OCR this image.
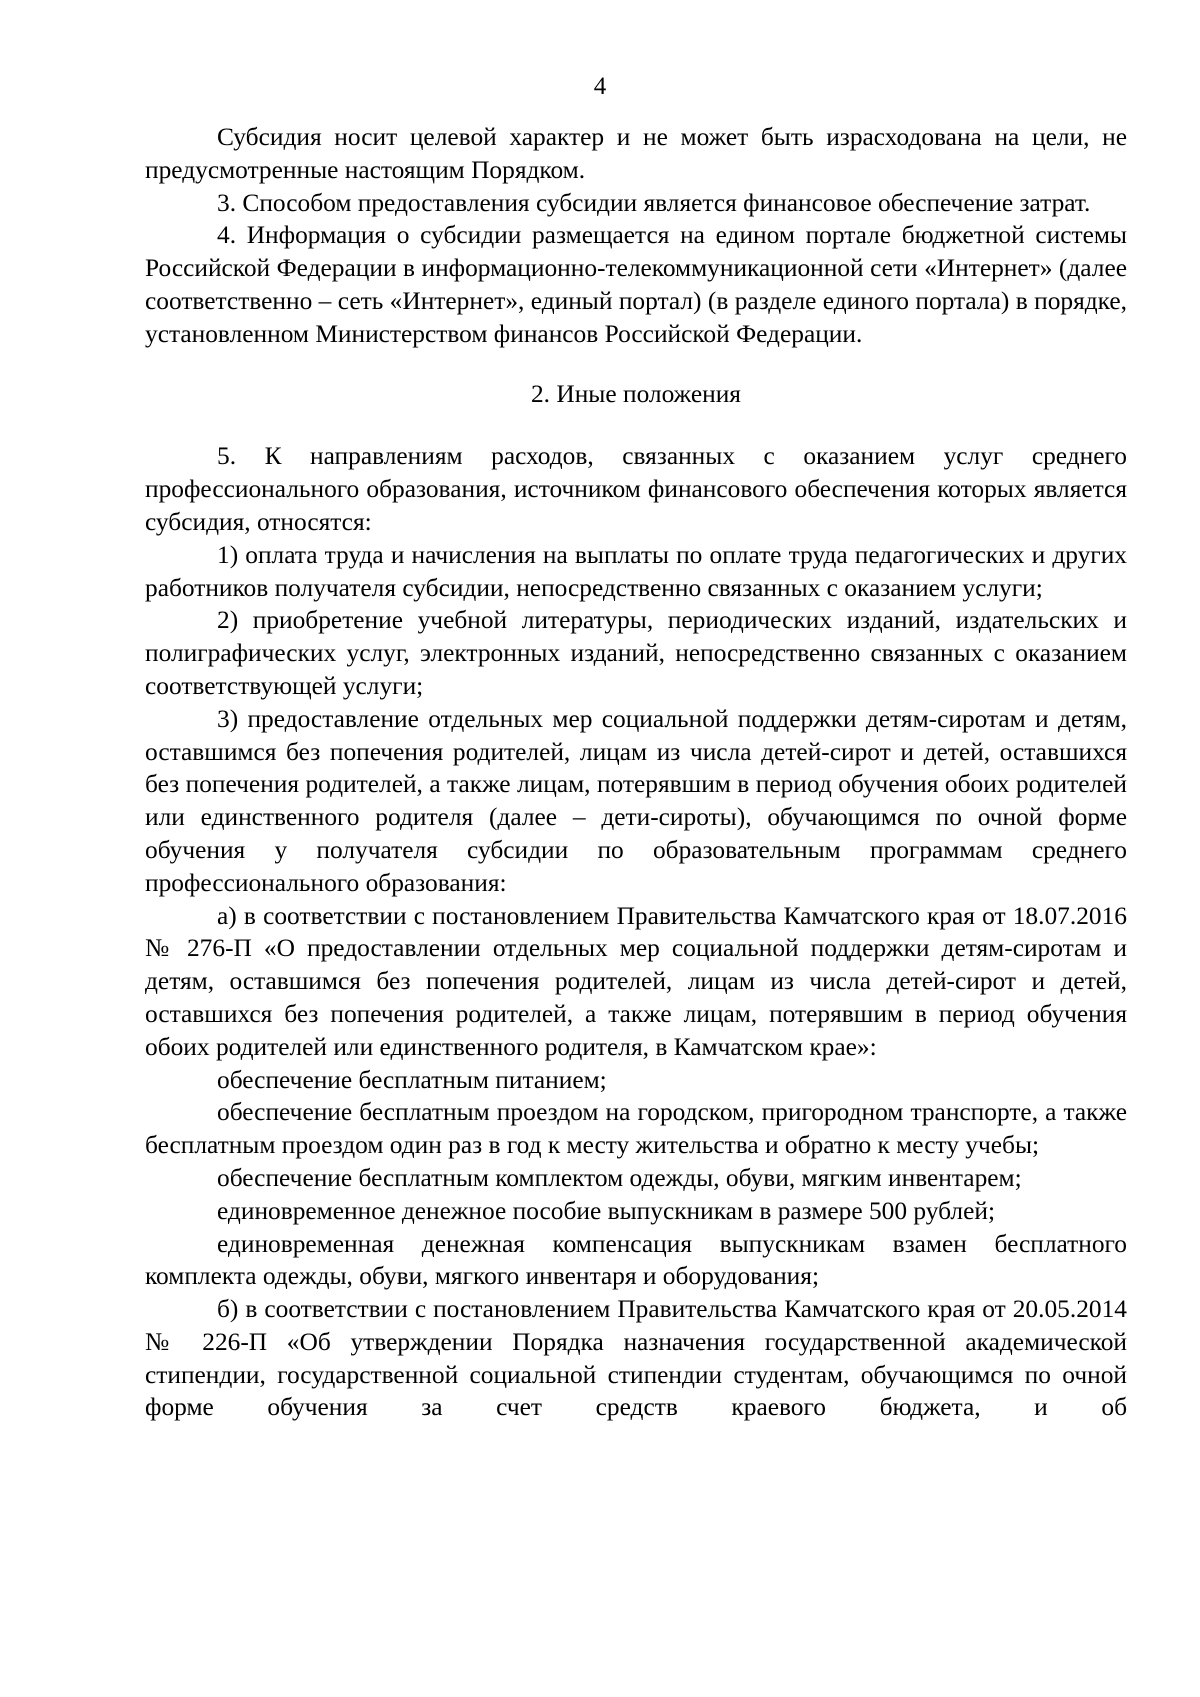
4

Субсидия носит целевой характер и не может быть израсходована на цели, не предусмотренные настоящим Порядком.

3. Способом предоставления субсидии является финансовое обеспечение затрат.

4. Информация о субсидии размещается на едином портале бюджетной системы Российской Федерации в информационно-телекоммуникационной сети «Интернет» (далее соответственно – сеть «Интернет», единый портал) (в разделе единого портала) в порядке, установленном Министерством финансов Российской Федерации.

2. Иные положения

5. К направлениям расходов, связанных с оказанием услуг среднего профессионального образования, источником финансового обеспечения которых является субсидия, относятся:

1) оплата труда и начисления на выплаты по оплате труда педагогических и других работников получателя субсидии, непосредственно связанных с оказанием услуги;

2) приобретение учебной литературы, периодических изданий, издательских и полиграфических услуг, электронных изданий, непосредственно связанных с оказанием соответствующей услуги;

3) предоставление отдельных мер социальной поддержки детям-сиротам и детям, оставшимся без попечения родителей, лицам из числа детей-сирот и детей, оставшихся без попечения родителей, а также лицам, потерявшим в период обучения обоих родителей или единственного родителя (далее – дети-сироты), обучающимся по очной форме обучения у получателя субсидии по образовательным программам среднего профессионального образования:

а) в соответствии с постановлением Правительства Камчатского края от 18.07.2016 № 276-П «О предоставлении отдельных мер социальной поддержки детям-сиротам и детям, оставшимся без попечения родителей, лицам из числа детей-сирот и детей, оставшихся без попечения родителей, а также лицам, потерявшим в период обучения обоих родителей или единственного родителя, в Камчатском крае»:

обеспечение бесплатным питанием;

обеспечение бесплатным проездом на городском, пригородном транспорте, а также бесплатным проездом один раз в год к месту жительства и обратно к месту учебы;

обеспечение бесплатным комплектом одежды, обуви, мягким инвентарем;

единовременное денежное пособие выпускникам в размере 500 рублей;

единовременная денежная компенсация выпускникам взамен бесплатного комплекта одежды, обуви, мягкого инвентаря и оборудования;

б) в соответствии с постановлением Правительства Камчатского края от 20.05.2014 № 226-П «Об утверждении Порядка назначения государственной академической стипендии, государственной социальной стипендии студентам, обучающимся по очной форме обучения за счет средств краевого бюджета, и об
